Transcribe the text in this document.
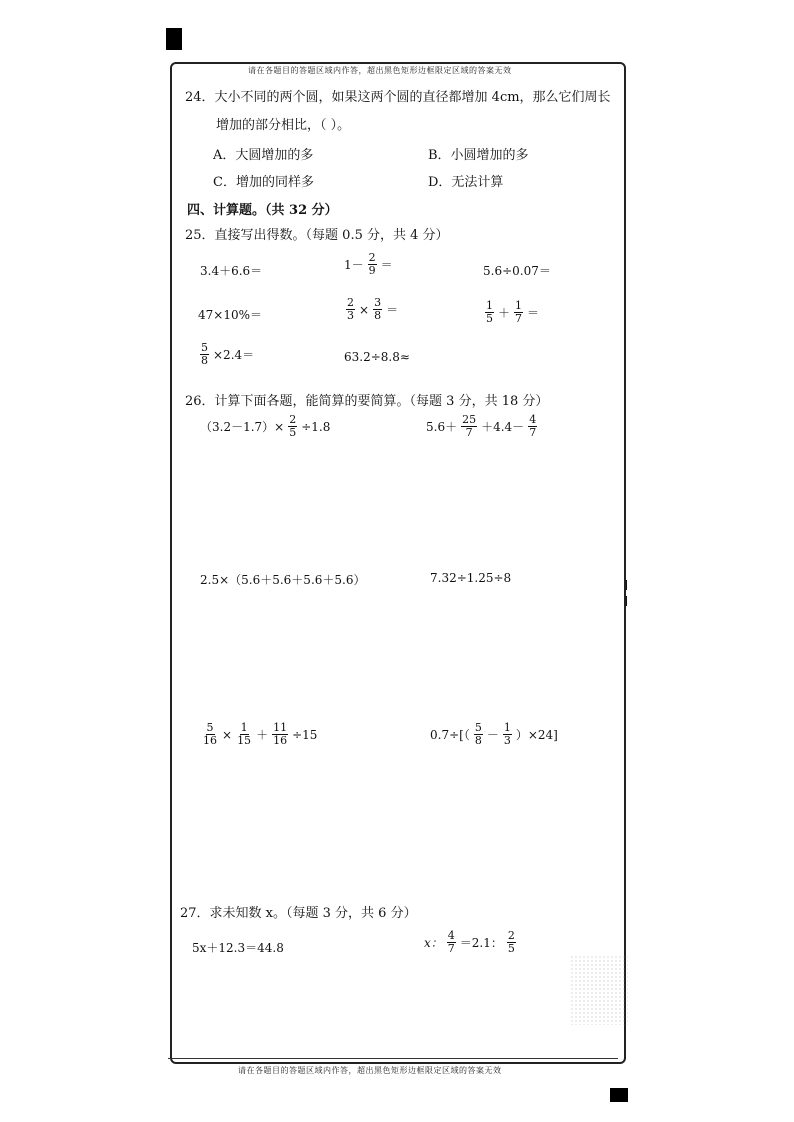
请在各题目的答题区域内作答，超出黑色矩形边框限定区域的答案无效
请在各题目的答题区域内作答，超出黑色矩形边框限定区域的答案无效
24．大小不同的两个圆，如果这两个圆的直径都增加 4cm，那么它们周长
增加的部分相比，（ ）。
A．大圆增加的多	B．小圆增加的多
C．增加的同样多	D．无法计算
四、计算题。（共 32 分）
25．直接写出得数。（每题 0.5 分，共 4 分）
3.4＋6.6＝	$1- \frac{2}{9}$ ＝	5.6÷0.07＝
47×10%＝	$\frac{2}{3} \times \frac{3}{8}$ ＝	$\frac{1}{5} + \frac{1}{7}$ ＝
$\frac{5}{8} \times 2.4=$	63.2÷8.8≈
26．计算下面各题，能简算的要简算。（每题 3 分，共 18 分）
$(3.2-1.7)\times \frac{2}{5} \div 1.8$	$5.6+ \frac{25}{7} +4.4- \frac{4}{7}$
2.5×（5.6＋5.6＋5.6＋5.6）	7.32÷1.25÷8
$\frac{5}{16} \times \frac{1}{15} + \frac{11}{16} \div 15$	$0.7\div[( \frac{5}{8} - \frac{1}{3} )\times 24]$
27．求未知数 x。（每题 3 分，共 6 分）
5x＋12.3＝44.8	x： $\frac{4}{7} =2.1$： $\frac{2}{5}$
